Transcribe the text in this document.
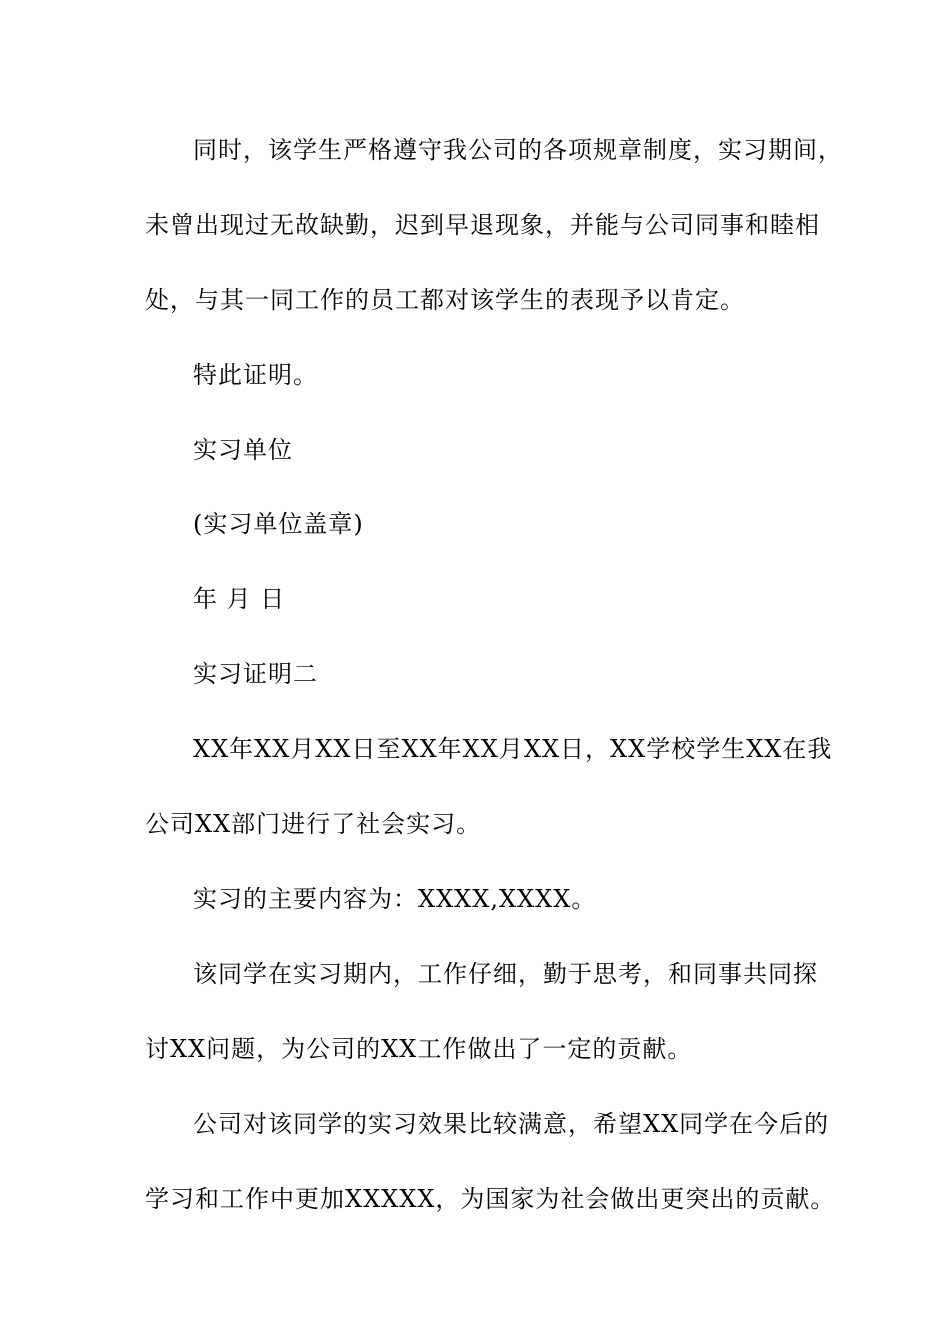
同时，该学生严格遵守我公司的各项规章制度，实习期间，
未曾出现过无故缺勤，迟到早退现象，并能与公司同事和睦相
处，与其一同工作的员工都对该学生的表现予以肯定。
特此证明。
实习单位
(实习单位盖章)
年 月 日
实习证明二
XX年XX月XX日至XX年XX月XX日，XX学校学生XX在我
公司XX部门进行了社会实习。
实习的主要内容为：XXXX,XXXX。
该同学在实习期内，工作仔细，勤于思考，和同事共同探
讨XX问题，为公司的XX工作做出了一定的贡献。
公司对该同学的实习效果比较满意，希望XX同学在今后的
学习和工作中更加XXXXX，为国家为社会做出更突出的贡献。
